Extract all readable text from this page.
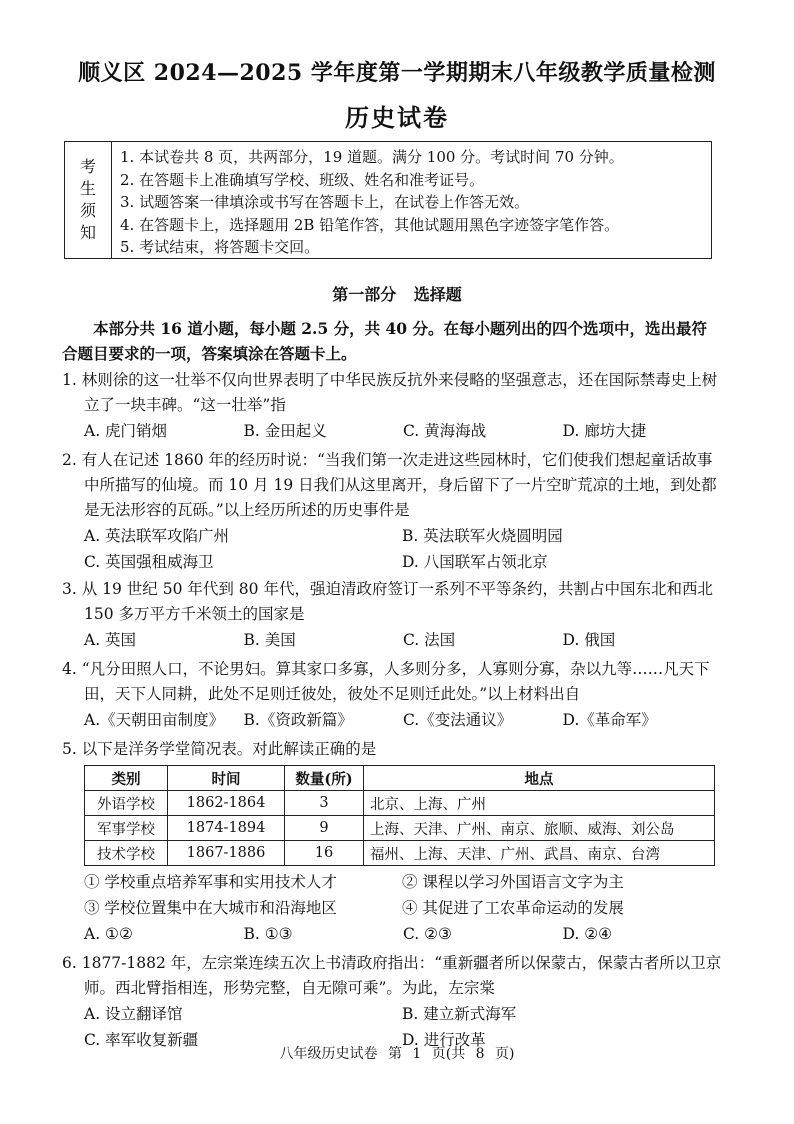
顺义区 2024—2025 学年度第一学期期末八年级教学质量检测
历史试卷
考
生
须
知
1. 本试卷共 8 页，共两部分，19 道题。满分 100 分。考试时间 70 分钟。
2. 在答题卡上准确填写学校、班级、姓名和准考证号。
3. 试题答案一律填涂或书写在答题卡上，在试卷上作答无效。
4. 在答题卡上，选择题用 2B 铅笔作答，其他试题用黑色字迹签字笔作答。
5. 考试结束，将答题卡交回。
第一部分 选择题

本部分共 16 道小题，每小题 2.5 分，共 40 分。在每小题列出的四个选项中，选出最符合题目要求的一项，答案填涂在答题卡上。

1. 林则徐的这一壮举不仅向世界表明了中华民族反抗外来侵略的坚强意志，还在国际禁毒史上树立了一块丰碑。“这一壮举”指

A. 虎门销烟	B. 金田起义	C. 黄海海战	D. 廊坊大捷

2. 有人在记述 1860 年的经历时说：“当我们第一次走进这些园林时，它们使我们想起童话故事中所描写的仙境。而 10 月 19 日我们从这里离开，身后留下了一片空旷荒凉的土地，到处都是无法形容的瓦砾。”以上经历所述的历史事件是

A. 英法联军攻陷广州	B. 英法联军火烧圆明园
C. 英国强租威海卫	D. 八国联军占领北京

3. 从 19 世纪 50 年代到 80 年代，强迫清政府签订一系列不平等条约，共割占中国东北和西北 150 多万平方千米领土的国家是

A. 英国	B. 美国	C. 法国	D. 俄国

4. “凡分田照人口，不论男妇。算其家口多寡，人多则分多，人寡则分寡，杂以九等……凡天下田，天下人同耕，此处不足则迁彼处，彼处不足则迁此处。”以上材料出自

A.《天朝田亩制度》	B.《资政新篇》	C.《变法通议》	D.《革命军》

5. 以下是洋务学堂简况表。对此解读正确的是

类别	时间	数量(所)	地点
外语学校	1862-1864	3	北京、上海、广州
军事学校	1874-1894	9	上海、天津、广州、南京、旅顺、威海、刘公岛
技术学校	1867-1886	16	福州、上海、天津、广州、武昌、南京、台湾
① 学校重点培养军事和实用技术人才	② 课程以学习外国语言文字为主
③ 学校位置集中在大城市和沿海地区	④ 其促进了工农革命运动的发展
A. ①②	B. ①③	C. ②③	D. ②④

6. 1877-1882 年，左宗棠连续五次上书清政府指出：“重新疆者所以保蒙古，保蒙古者所以卫京师。西北臂指相连，形势完整，自无隙可乘”。为此，左宗棠

A. 设立翻译馆	B. 建立新式海军
C. 率军收复新疆	D. 进行改革
八年级历史试卷 第 1 页(共 8 页)
